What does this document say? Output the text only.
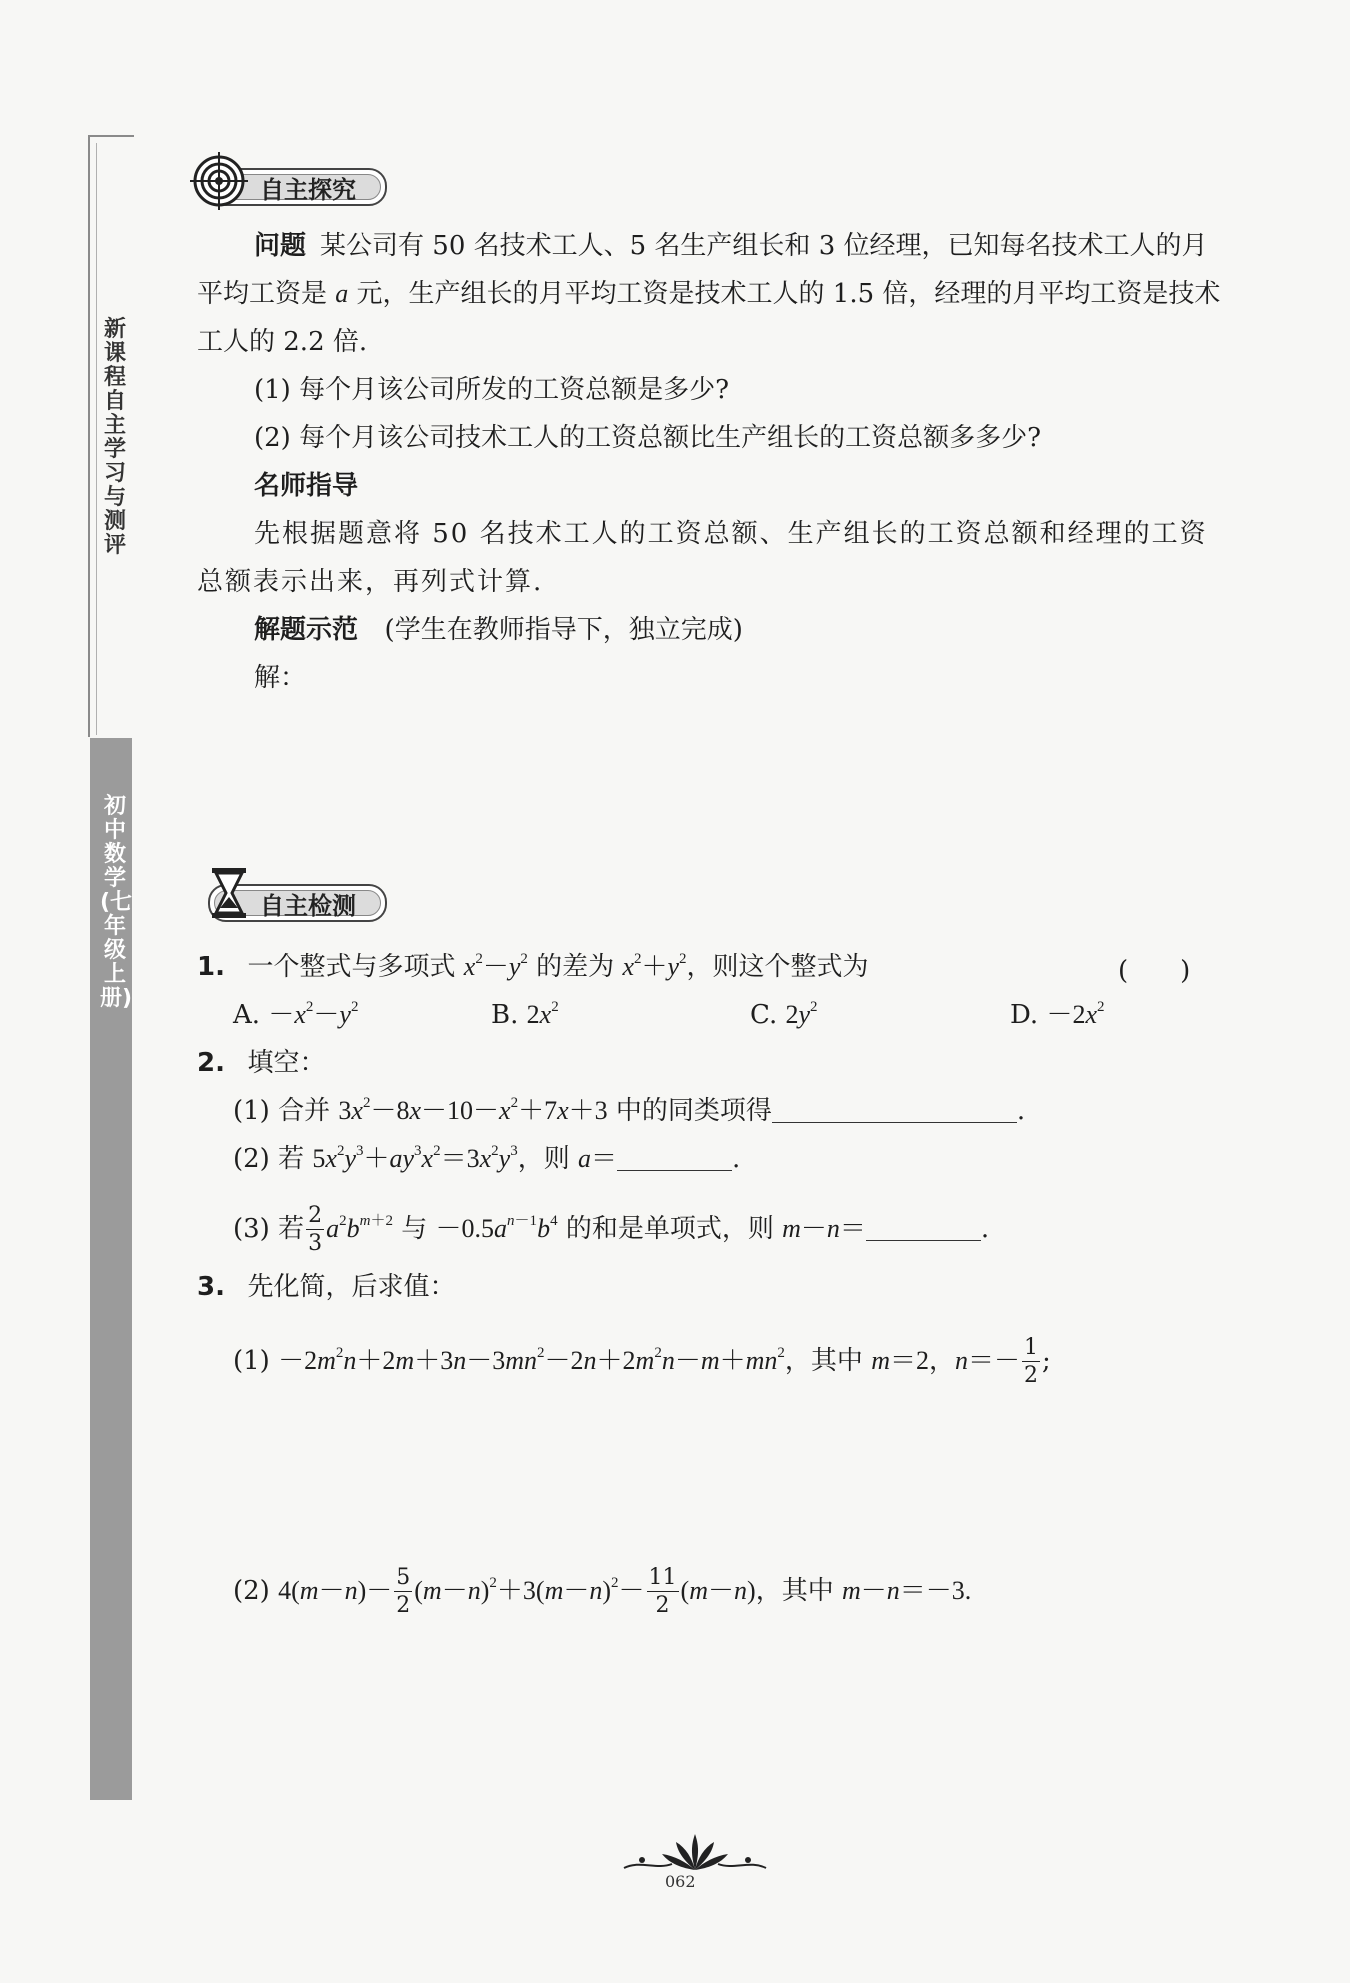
新课程自主学习与测评
初中数学(七年级上册)
自主探究
问题 某公司有 50 名技术工人、5 名生产组长和 3 位经理，已知每名技术工人的月
平均工资是 a 元，生产组长的月平均工资是技术工人的 1.5 倍，经理的月平均工资是技术
工人的 2.2 倍.
(1) 每个月该公司所发的工资总额是多少?
(2) 每个月该公司技术工人的工资总额比生产组长的工资总额多多少?
名师指导
先根据题意将 50 名技术工人的工资总额、生产组长的工资总额和经理的工资
总额表示出来，再列式计算.
解题示范 (学生在教师指导下，独立完成)
解：
自主检测
1. 一个整式与多项式 $x^2-y^2$ 的差为 $x^2+y^2$，则这个整式为	(　　)
A. $-x^2-y^2$	B. $2x^2$	C. $2y^2$	D. $-2x^2$
2. 填空：
(1) 合并 $3x^2-8x-10-x^2+7x+3$ 中的同类项得	.
(2) 若 $5x^2y^3+ay^3x^2=3x^2y^3$，则 a＝	.
(3) 若 $\frac{2}{3} a^2b^{m+2}$ 与 $-0.5a^{n-1}b^4$ 的和是单项式，则 m－n＝	.
3. 先化简，后求值：
$(1) -2m^2n+2m+3n-3mn^2-2n+2m^2n-m+mn^2$，其中 m＝2，$n=- \frac{1}{2}$ ;
(2) $4(m-n)- \frac{5}{2} (m-n)^2+3(m-n)^2- \frac{11}{2} (m-n)$，其中 m－n＝－3.
062
